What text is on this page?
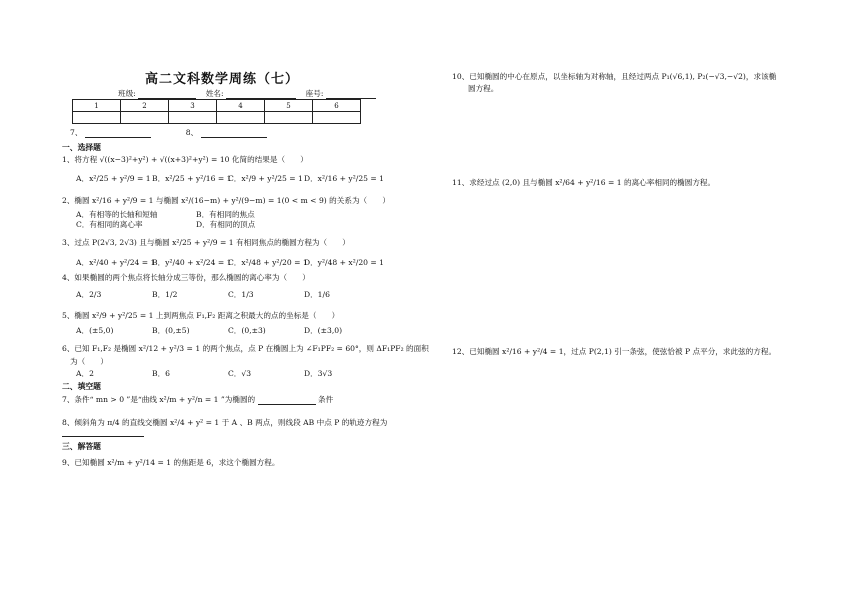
高二文科数学周练（七）
班级:	姓名:	座号:
1	2	3	4	5	6

7、	8、
一、选择题
1、将方程 √((x−3)²+y²) + √((x+3)²+y²) = 10 化简的结果是（　　）
A．x²/25 + y²/9 = 1 B．x²/25 + y²/16 = 1
C．x²/9 + y²/25 = 1 D．x²/16 + y²/25 = 1
2、椭圆 x²/16 + y²/9 = 1 与椭圆 x²/(16−m) + y²/(9−m) = 1(0 < m < 9) 的关系为（　　）
A．有相等的长轴和短轴	B．有相同的焦点
C．有相同的离心率	D．有相同的顶点
3、过点 P(2√3, 2√3) 且与椭圆 x²/25 + y²/9 = 1 有相同焦点的椭圆方程为（　　）
A．x²/40 + y²/24 = 1
B．y²/40 + x²/24 = 1
C．x²/48 + y²/20 = 1
D．y²/48 + x²/20 = 1
4、如果椭圆的两个焦点将长轴分成三等份，那么椭圆的离心率为（　　）
A．2/3	B．1/2	C．1/3	D．1/6
5、椭圆 x²/9 + y²/25 = 1 上到两焦点 F₁,F₂ 距离之积最大的点的坐标是（　　）
A．(±5,0)	B．(0,±5)	C．(0,±3)	D．(±3,0)
6、已知 F₁,F₂ 是椭圆 x²/12 + y²/3 = 1 的两个焦点，点 P 在椭圆上为 ∠F₁PF₂ = 60°，则 ΔF₁PF₂ 的面积
为（　　）
A．2	B．6	C．√3	D．3√3
二、填空题
7、条件“ mn > 0 ”是“曲线 x²/m + y²/n = 1 ”为椭圆的	条件
8、倾斜角为 π/4 的直线交椭圆 x²/4 + y² = 1 于 A 、B 两点，则线段 AB 中点 P 的轨迹方程为
三、解答题
9、已知椭圆 x²/m + y²/14 = 1 的焦距是 6，求这个椭圆方程。
10、已知椭圆的中心在原点，以坐标轴为对称轴，且经过两点 P₁(√6,1), P₂(−√3,−√2)，求该椭
圆方程。
11、求经过点 (2,0) 且与椭圆 x²/64 + y²/16 = 1 的离心率相同的椭圆方程。
12、已知椭圆 x²/16 + y²/4 = 1，过点 P(2,1) 引一条弦，使弦恰被 P 点平分，求此弦的方程。
